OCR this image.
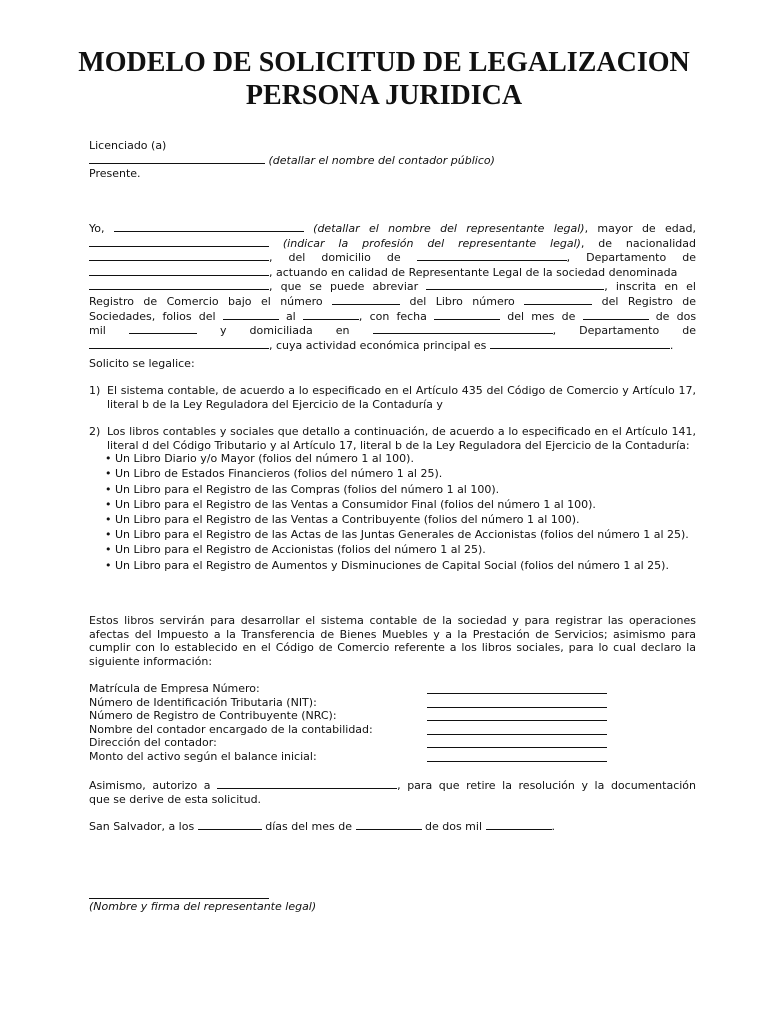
MODELO DE SOLICITUD DE LEGALIZACION
PERSONA JURIDICA
Licenciado (a)
(detallar el nombre del contador público)
Presente.
Yo,	(detallar el nombre del representante legal), mayor de edad,
(indicar la profesión del representante legal), de nacionalidad
, del domicilio de	, Departamento de
, actuando en calidad de Representante Legal de la sociedad denominada
, que se puede abreviar	, inscrita en el
Registro de Comercio bajo el número	del Libro número	del Registro de
Sociedades, folios del	al	, con fecha	del mes de	de dos
mil	y domiciliada en	, Departamento de
, cuya actividad económica principal es	.
Solicito se legalice:
1) El sistema contable, de acuerdo a lo especificado en el Artículo 435 del Código de Comercio y Artículo 17, literal b de la Ley Reguladora del Ejercicio de la Contaduría y
2) Los libros contables y sociales que detallo a continuación, de acuerdo a lo especificado en el Artículo 141, literal d del Código Tributario y al Artículo 17, literal b de la Ley Reguladora del Ejercicio de la Contaduría:
• Un Libro Diario y/o Mayor (folios del número 1 al 100).
• Un Libro de Estados Financieros (folios del número 1 al 25).
• Un Libro para el Registro de las Compras (folios del número 1 al 100).
• Un Libro para el Registro de las Ventas a Consumidor Final (folios del número 1 al 100).
• Un Libro para el Registro de las Ventas a Contribuyente (folios del número 1 al 100).
• Un Libro para el Registro de las Actas de las Juntas Generales de Accionistas (folios del número 1 al 25).
• Un Libro para el Registro de Accionistas (folios del número 1 al 25).
• Un Libro para el Registro de Aumentos y Disminuciones de Capital Social (folios del número 1 al 25).
Estos libros servirán para desarrollar el sistema contable de la sociedad y para registrar las operaciones afectas del Impuesto a la Transferencia de Bienes Muebles y a la Prestación de Servicios; asimismo para cumplir con lo establecido en el Código de Comercio referente a los libros sociales, para lo cual declaro la siguiente información:
Matrícula de Empresa Número:
Número de Identificación Tributaria (NIT):
Número de Registro de Contribuyente (NRC):
Nombre del contador encargado de la contabilidad:
Dirección del contador:
Monto del activo según el balance inicial:
Asimismo, autorizo a	, para que retire la resolución y la documentación
que se derive de esta solicitud.
San Salvador, a los	días del mes de	de dos mil	.
(Nombre y firma del representante legal)
